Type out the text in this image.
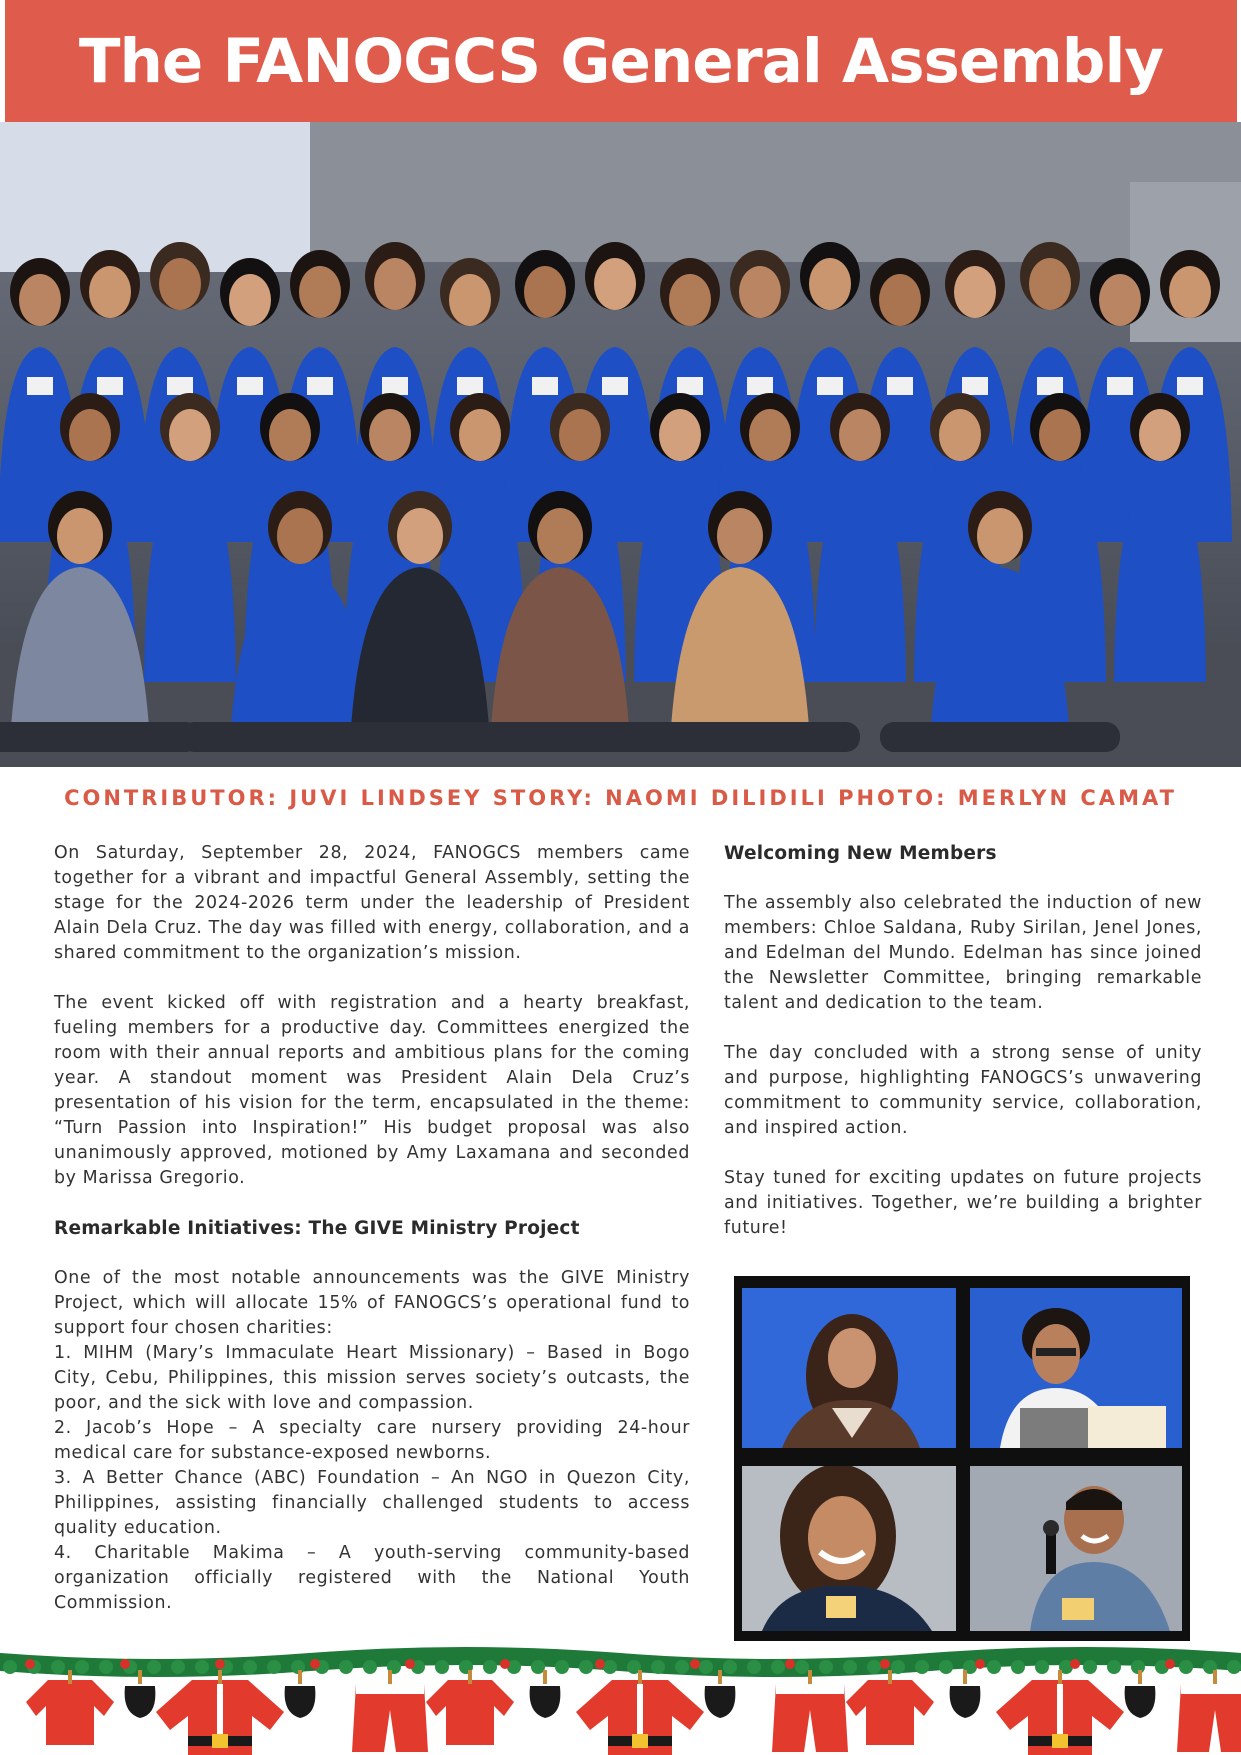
The FANOGCS General Assembly
CONTRIBUTOR: JUVI LINDSEY STORY: NAOMI DILIDILI PHOTO: MERLYN CAMAT

On Saturday, September 28, 2024, FANOGCS members came together for a vibrant and impactful General Assembly, setting the stage for the 2024-2026 term under the leadership of President Alain Dela Cruz. The day was filled with energy, collaboration, and a shared commitment to the organization’s mission.

The event kicked off with registration and a hearty breakfast, fueling members for a productive day. Committees energized the room with their annual reports and ambitious plans for the coming year. A standout moment was President Alain Dela Cruz’s presentation of his vision for the term, encapsulated in the theme: “Turn Passion into Inspiration!” His budget proposal was also unanimously approved, motioned by Amy Laxamana and seconded by Marissa Gregorio.

Remarkable Initiatives: The GIVE Ministry Project

One of the most notable announcements was the GIVE Ministry Project, which will allocate 15% of FANOGCS’s operational fund to support four chosen charities:

1. MIHM (Mary’s Immaculate Heart Missionary) – Based in Bogo City, Cebu, Philippines, this mission serves society’s outcasts, the poor, and the sick with love and compassion.

2. Jacob’s Hope – A specialty care nursery providing 24-hour medical care for substance-exposed newborns.

3. A Better Chance (ABC) Foundation – An NGO in Quezon City, Philippines, assisting financially challenged students to access quality education.

4. Charitable Makima – A youth-serving community-based organization officially registered with the National Youth Commission.

Welcoming New Members

The assembly also celebrated the induction of new members: Chloe Saldana, Ruby Sirilan, Jenel Jones, and Edelman del Mundo. Edelman has since joined the Newsletter Committee, bringing remarkable talent and dedication to the team.

The day concluded with a strong sense of unity and purpose, highlighting FANOGCS’s unwavering commitment to community service, collaboration, and inspired action.

Stay tuned for exciting updates on future projects and initiatives. Together, we’re building a brighter future!
